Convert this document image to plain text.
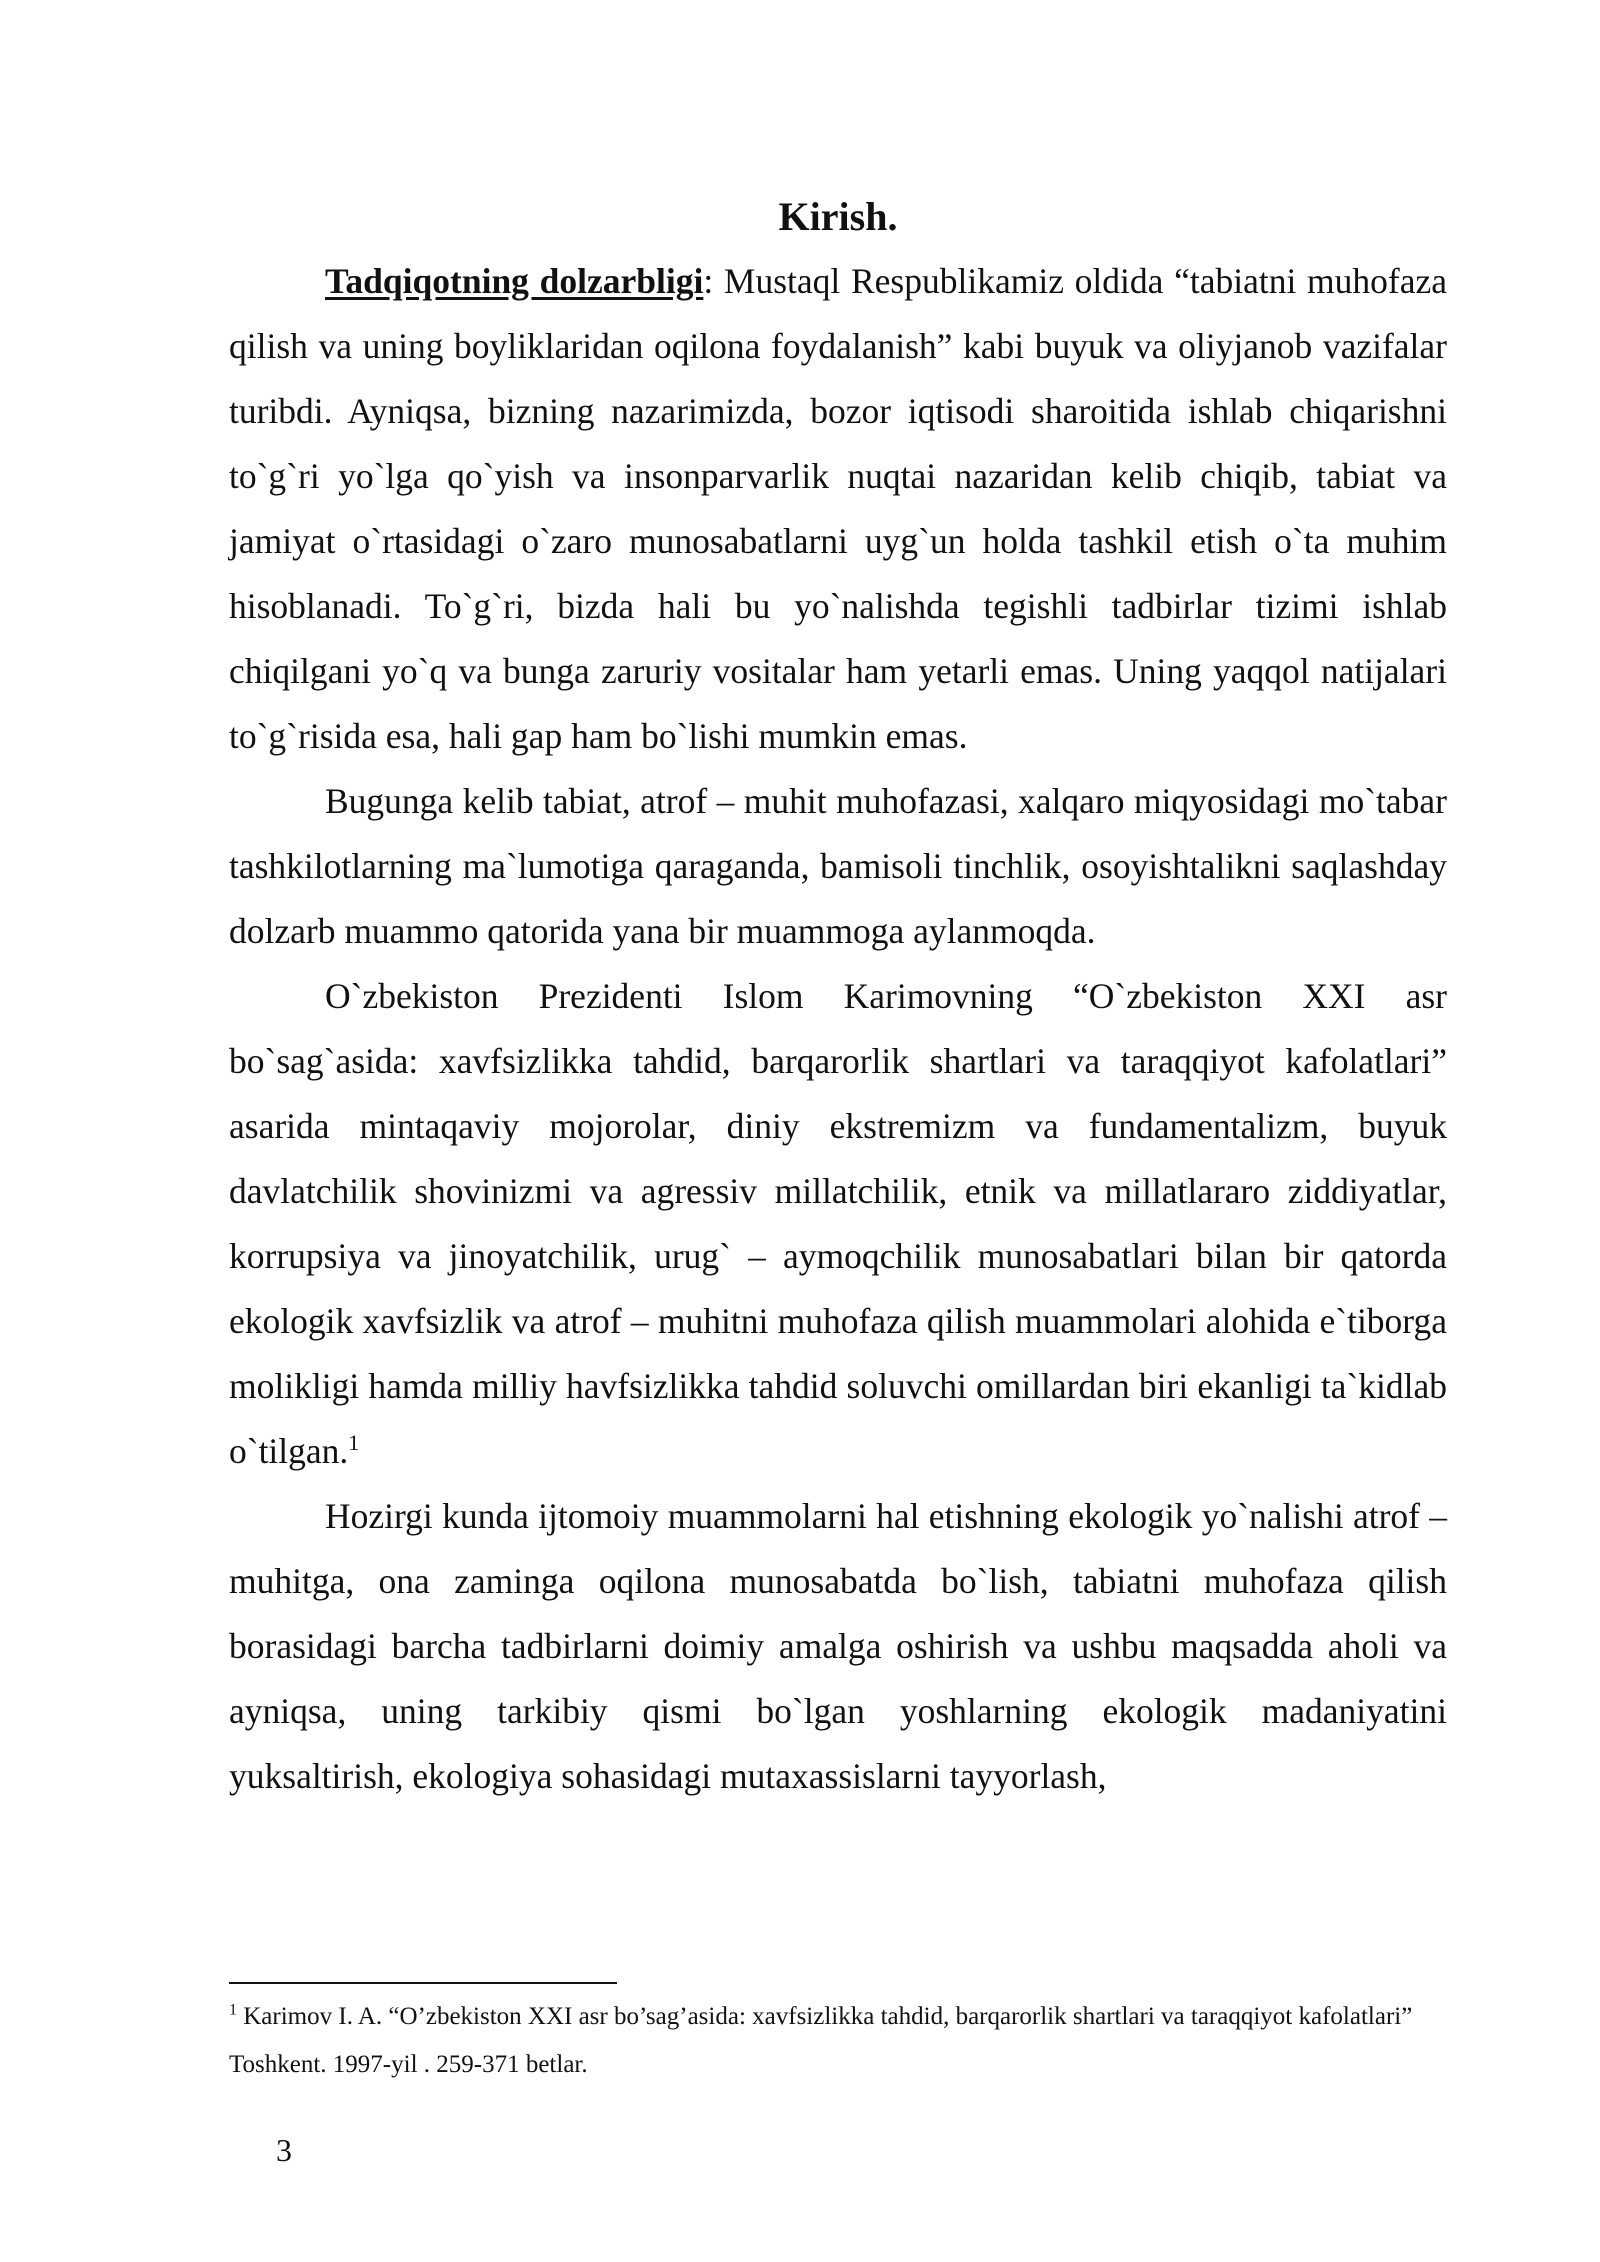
Kirish.

Tadqiqotning dolzarbligi: Mustaql Respublikamiz oldida “tabiatni muhofaza qilish va uning boyliklaridan oqilona foydalanish” kabi buyuk va oliyjanob vazifalar turibdi. Ayniqsa, bizning nazarimizda, bozor iqtisodi sharoitida ishlab chiqarishni to`g`ri yo`lga qo`yish va insonparvarlik nuqtai nazaridan kelib chiqib, tabiat va jamiyat o`rtasidagi o`zaro munosabatlarni uyg`un holda tashkil etish o`ta muhim hisoblanadi. To`g`ri, bizda hali bu yo`nalishda tegishli tadbirlar tizimi ishlab chiqilgani yo`q va bunga zaruriy vositalar ham yetarli emas. Uning yaqqol natijalari to`g`risida esa, hali gap ham bo`lishi mumkin emas.

Bugunga kelib tabiat, atrof – muhit muhofazasi, xalqaro miqyosidagi mo`tabar tashkilotlarning ma`lumotiga qaraganda, bamisoli tinchlik, osoyishtalikni saqlashday dolzarb muammo qatorida yana bir muammoga aylanmoqda.

O`zbekiston Prezidenti Islom Karimovning “O`zbekiston XXI asr bo`sag`asida: xavfsizlikka tahdid, barqarorlik shartlari va taraqqiyot kafolatlari” asarida mintaqaviy mojorolar, diniy ekstremizm va fundamentalizm, buyuk davlatchilik shovinizmi va agressiv millatchilik, etnik va millatlararo ziddiyatlar, korrupsiya va jinoyatchilik, urug` – aymoqchilik munosabatlari bilan bir qatorda ekologik xavfsizlik va atrof – muhitni muhofaza qilish muammolari alohida e`tiborga molikligi hamda milliy havfsizlikka tahdid soluvchi omillardan biri ekanligi ta`kidlab o`tilgan.$^1$

Hozirgi kunda ijtomoiy muammolarni hal etishning ekologik yo`nalishi atrof – muhitga, ona zaminga oqilona munosabatda bo`lish, tabiatni muhofaza qilish borasidagi barcha tadbirlarni doimiy amalga oshirish va ushbu maqsadda aholi va ayniqsa, uning tarkibiy qismi bo`lgan yoshlarning ekologik madaniyatini yuksaltirish, ekologiya sohasidagi mutaxassislarni tayyorlash,

$^1$ Karimov I. A. “O’zbekiston XXI asr bo’sag’asida: xavfsizlikka tahdid, barqarorlik shartlari va taraqqiyot kafolatlari” Toshkent. 1997-yil . 259-371 betlar.

3
